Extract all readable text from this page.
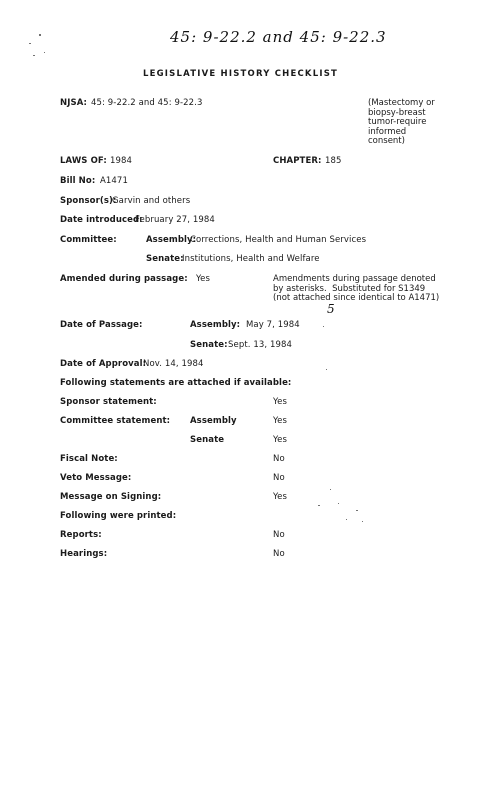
45: 9-22.2 and 45: 9-22.3
LEGISLATIVE HISTORY CHECKLIST
NJSA: 45: 9-22.2 and 45: 9-22.3	(Mastectomy or
biopsy-breast
tumor-require
informed
consent)
LAWS OF: 1984	CHAPTER: 185
Bill No: A1471
Sponsor(s):
Garvin and others
Date introduced:
February 27, 1984
Committee:	Assembly:
Corrections, Health and Human Services
Senate:
Institutions, Health and Welfare
Amended during passage: Yes	Amendments during passage denoted
by asterisks.  Substituted for S1349
(not attached since identical to A1471)
5
Date of Passage:	Assembly: May 7, 1984
Senate: Sept. 13, 1984
Date of Approval:
Nov. 14, 1984
Following statements are attached if available:
Sponsor statement:	Yes
Committee statement: Assembly	Yes
Senate	Yes
Fiscal Note:	No
Veto Message:	No
Message on Signing:	Yes
Following were printed:
Reports:	No
Hearings:	No
